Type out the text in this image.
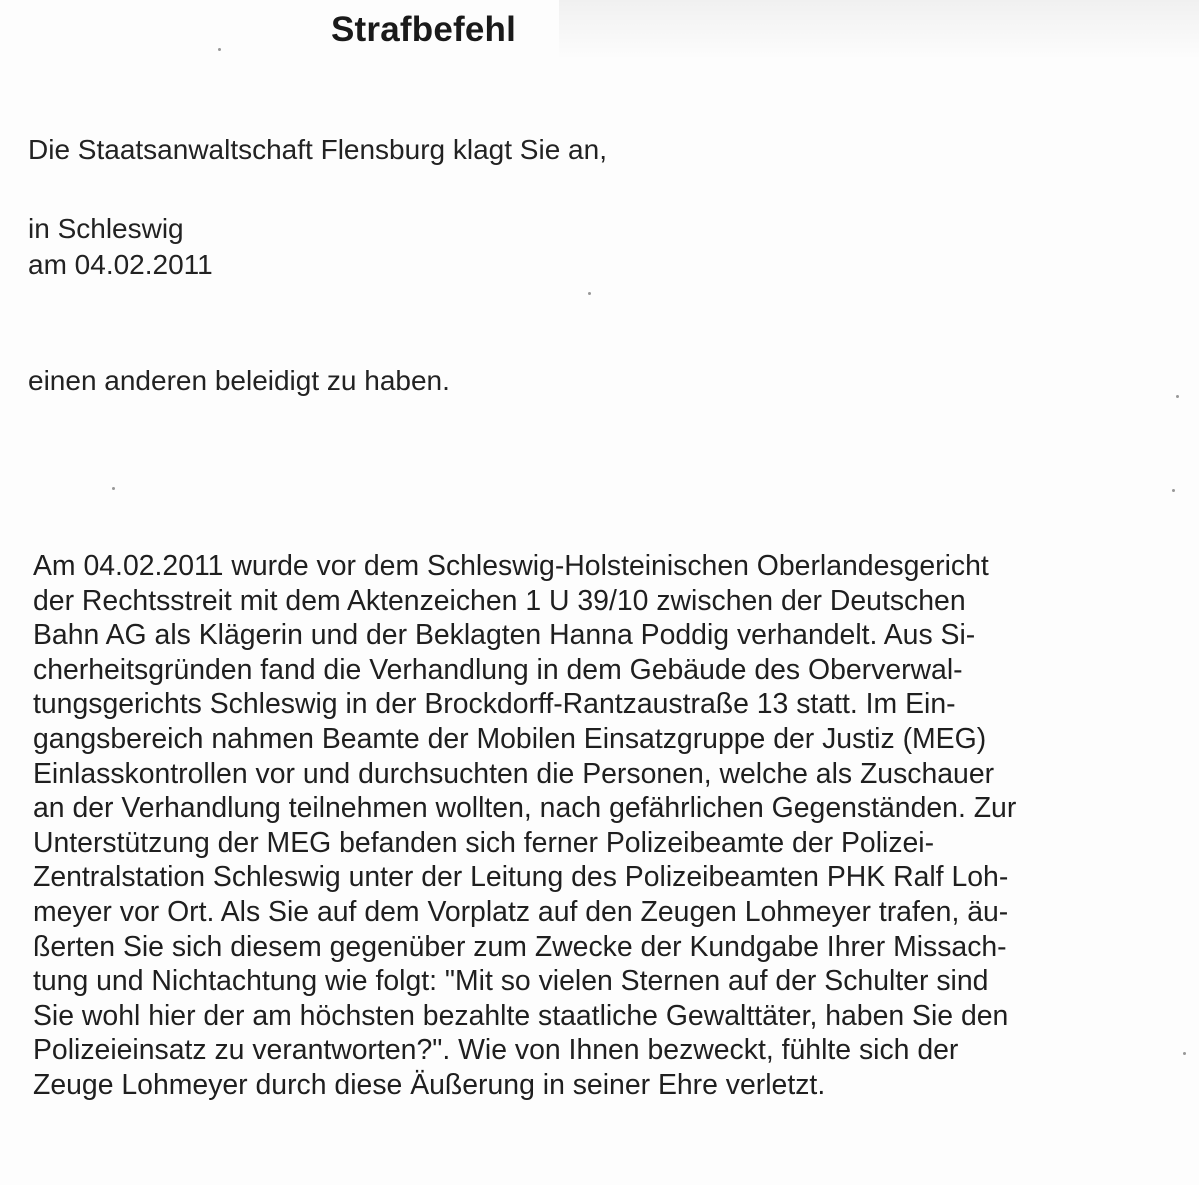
Strafbefehl

Die Staatsanwaltschaft Flensburg klagt Sie an,

in Schleswig

am 04.02.2011

einen anderen beleidigt zu haben.

Am 04.02.2011 wurde vor dem Schleswig-Holsteinischen Oberlandesgericht
der Rechtsstreit mit dem Aktenzeichen 1 U 39/10 zwischen der Deutschen
Bahn AG als Klägerin und der Beklagten Hanna Poddig verhandelt. Aus Si-
cherheitsgründen fand die Verhandlung in dem Gebäude des Oberverwal-
tungsgerichts Schleswig in der Brockdorff-Rantzaustraße 13 statt. Im Ein-
gangsbereich nahmen Beamte der Mobilen Einsatzgruppe der Justiz (MEG)
Einlasskontrollen vor und durchsuchten die Personen, welche als Zuschauer
an der Verhandlung teilnehmen wollten, nach gefährlichen Gegenständen. Zur
Unterstützung der MEG befanden sich ferner Polizeibeamte der Polizei-
Zentralstation Schleswig unter der Leitung des Polizeibeamten PHK Ralf Loh-
meyer vor Ort. Als Sie auf dem Vorplatz auf den Zeugen Lohmeyer trafen, äu-
ßerten Sie sich diesem gegenüber zum Zwecke der Kundgabe Ihrer Missach-
tung und Nichtachtung wie folgt: "Mit so vielen Sternen auf der Schulter sind
Sie wohl hier der am höchsten bezahlte staatliche Gewalttäter, haben Sie den
Polizeieinsatz zu verantworten?". Wie von Ihnen bezweckt, fühlte sich der
Zeuge Lohmeyer durch diese Äußerung in seiner Ehre verletzt.
